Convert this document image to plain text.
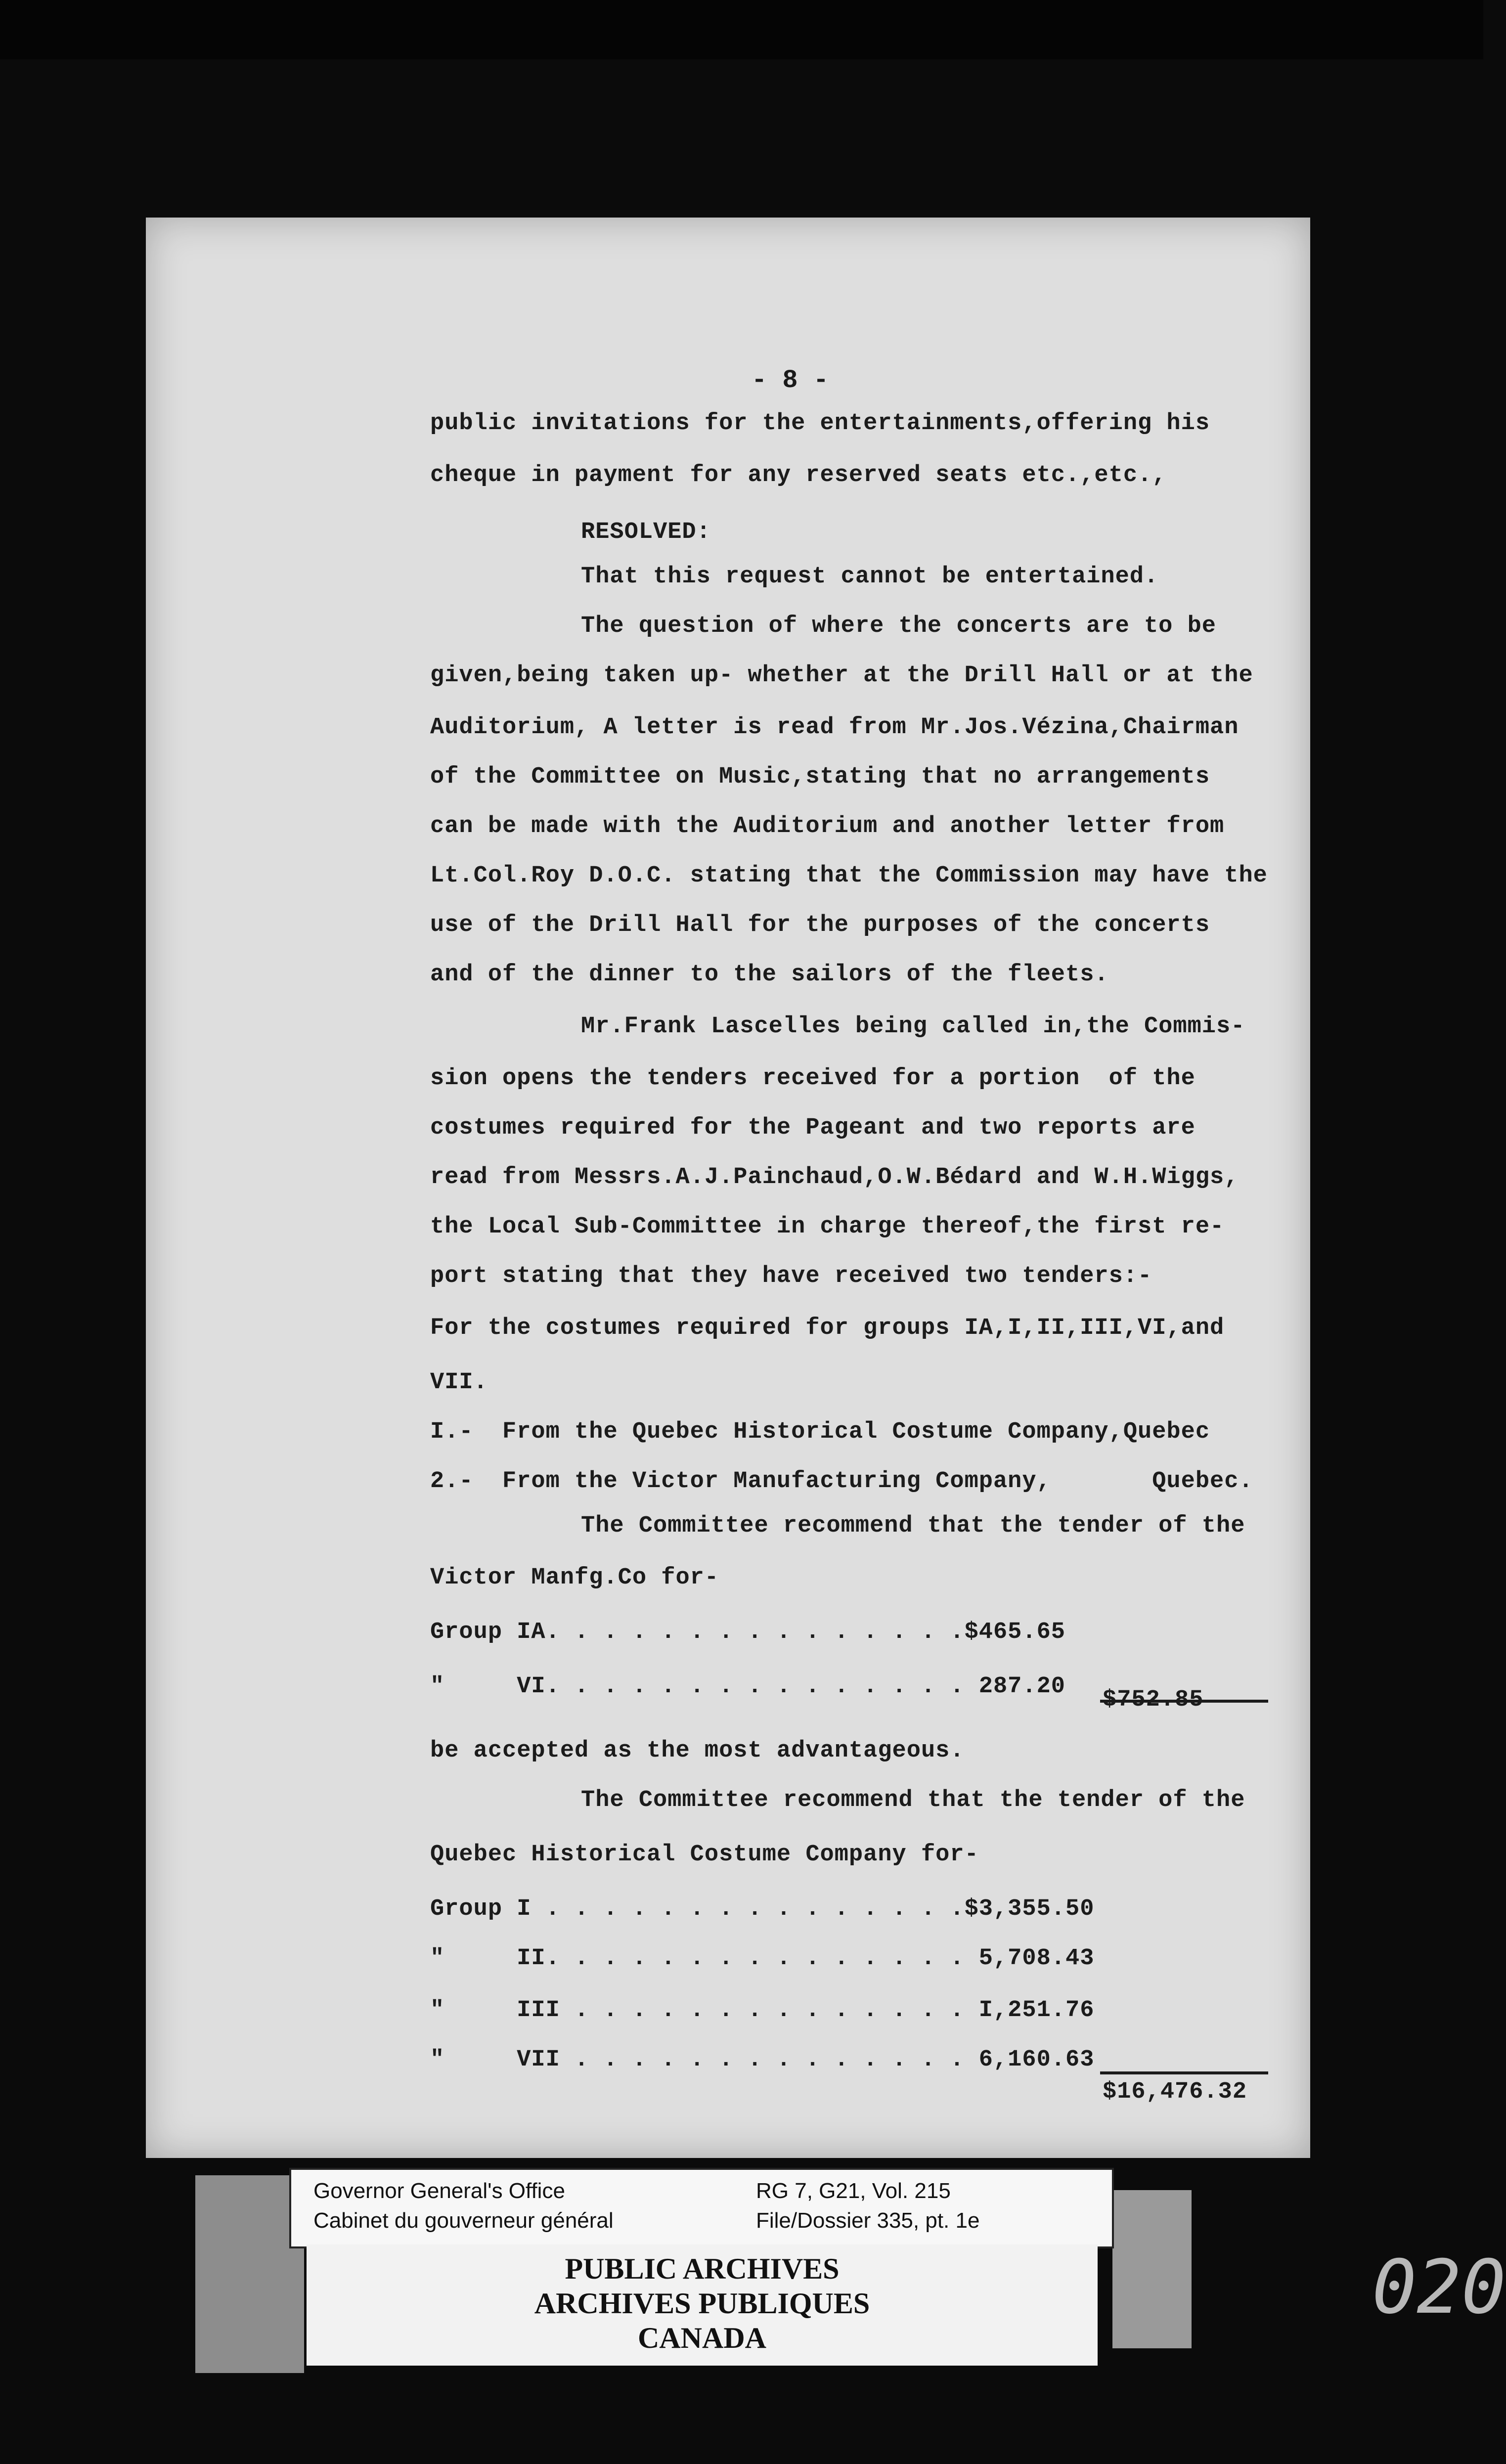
- 8 -
public invitations for the entertainments,offering his
cheque in payment for any reserved seats etc.,etc.,
RESOLVED:
That this request cannot be entertained.
The question of where the concerts are to be
given,being taken up- whether at the Drill Hall or at the
Auditorium, A letter is read from Mr.Jos.Vézina,Chairman
of the Committee on Music,stating that no arrangements
can be made with the Auditorium and another letter from
Lt.Col.Roy D.O.C. stating that the Commission may have the
use of the Drill Hall for the purposes of the concerts
and of the dinner to the sailors of the fleets.
Mr.Frank Lascelles being called in,the Commis-
sion opens the tenders received for a portion  of the
costumes required for the Pageant and two reports are
read from Messrs.A.J.Painchaud,O.W.Bédard and W.H.Wiggs,
the Local Sub-Committee in charge thereof,the first re-
port stating that they have received two tenders:-
For the costumes required for groups IA,I,II,III,VI,and
VII.
I.-  From the Quebec Historical Costume Company,Quebec
2.-  From the Victor Manufacturing Company,       Quebec.
The Committee recommend that the tender of the
Victor Manfg.Co for-
Group IA. . . . . . . . . . . . . . .$465.65
"     VI. . . . . . . . . . . . . . . 287.20
$752.85
be accepted as the most advantageous.
The Committee recommend that the tender of the
Quebec Historical Costume Company for-
Group I . . . . . . . . . . . . . . .$3,355.50
"     II. . . . . . . . . . . . . . . 5,708.43
"     III . . . . . . . . . . . . . . I,251.76
"     VII . . . . . . . . . . . . . . 6,160.63
$16,476.32
Governor General's Office
Cabinet du gouverneur général
RG 7, G21, Vol. 215
File/Dossier 335, pt. 1e
PUBLIC ARCHIVES
ARCHIVES PUBLIQUES
CANADA
020
